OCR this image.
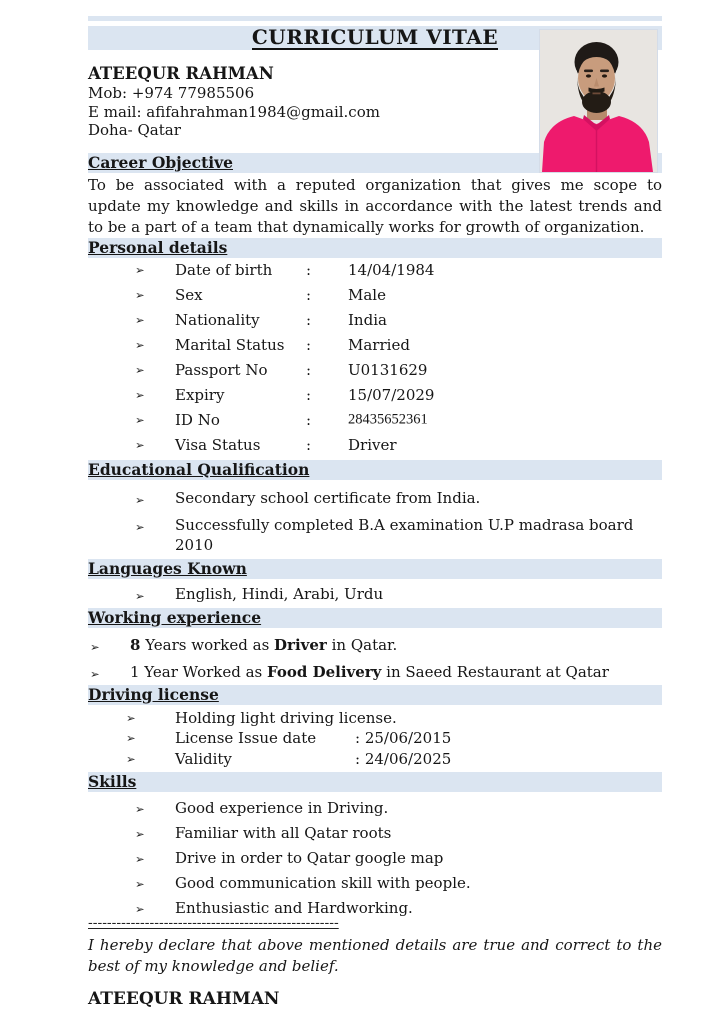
CURRICULUM VITAE
ATEEQUR RAHMAN
Mob: +974 77985506
E mail: afifahrahman1984@gmail.com
Doha- Qatar
Career Objective

To be associated with a reputed organization that gives me scope to update my knowledge and skills in accordance with the latest trends and to be a part of a team that dynamically works for growth of organization.

Personal details
➢ Date of birth : 14/04/1984
➢ Sex	: Male
➢ Nationality	: India
➢ Marital Status : Married
➢ Passport No	: U0131629
➢ Expiry	: 15/07/2029
➢ ID No	:	28435652361
➢ Visa Status	: Driver
Educational Qualification
➢ Secondary school certificate from India.
➢ Successfully completed B.A examination U.P madrasa board 2010
Languages Known
➢ English, Hindi, Arabi, Urdu
Working experience
➢ 8 Years worked as Driver in Qatar.
➢ 1 Year Worked as Food Delivery in Saeed Restaurant at Qatar
Driving license
➢	Holding light driving license.
➢	License Issue date	: 25/06/2015
➢	Validity	: 24/06/2025
Skills
➢ Good experience in Driving.
➢ Familiar with all Qatar roots
➢ Drive in order to Qatar google map
➢ Good communication skill with people.
➢ Enthusiastic and Hardworking.
-----------------------------------------------------
I hereby declare that above mentioned details are true and correct to the best of my knowledge and belief.
ATEEQUR RAHMAN
